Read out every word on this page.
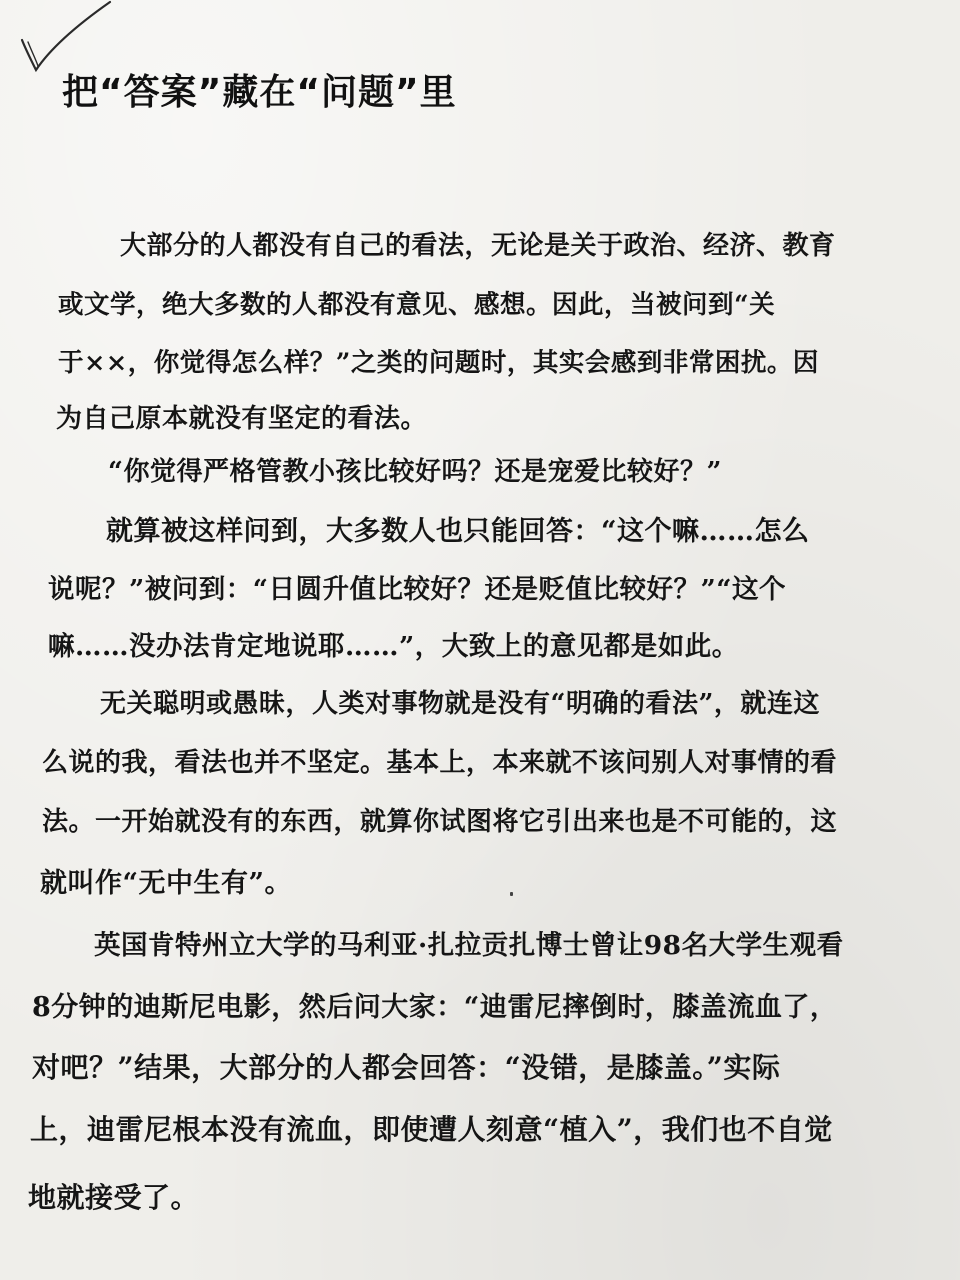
把“答案”藏在“问题”里

大部分的人都没有自己的看法，无论是关于政治、经济、教育

或文学，绝大多数的人都没有意见、感想。因此，当被问到“关

于××，你觉得怎么样？”之类的问题时，其实会感到非常困扰。因

为自己原本就没有坚定的看法。

“你觉得严格管教小孩比较好吗？还是宠爱比较好？”

就算被这样问到，大多数人也只能回答：“这个嘛……怎么

说呢？”被问到：“日圆升值比较好？还是贬值比较好？”“这个

嘛……没办法肯定地说耶……”，大致上的意见都是如此。

无关聪明或愚昧，人类对事物就是没有“明确的看法”，就连这

么说的我，看法也并不坚定。基本上，本来就不该问别人对事情的看

法。一开始就没有的东西，就算你试图将它引出来也是不可能的，这

就叫作“无中生有”。

英国肯特州立大学的马利亚·扎拉贡扎博士曾让98名大学生观看

8分钟的迪斯尼电影，然后问大家：“迪雷尼摔倒时，膝盖流血了，

对吧？”结果，大部分的人都会回答：“没错，是膝盖。”实际

上，迪雷尼根本没有流血，即使遭人刻意“植入”，我们也不自觉

地就接受了。
